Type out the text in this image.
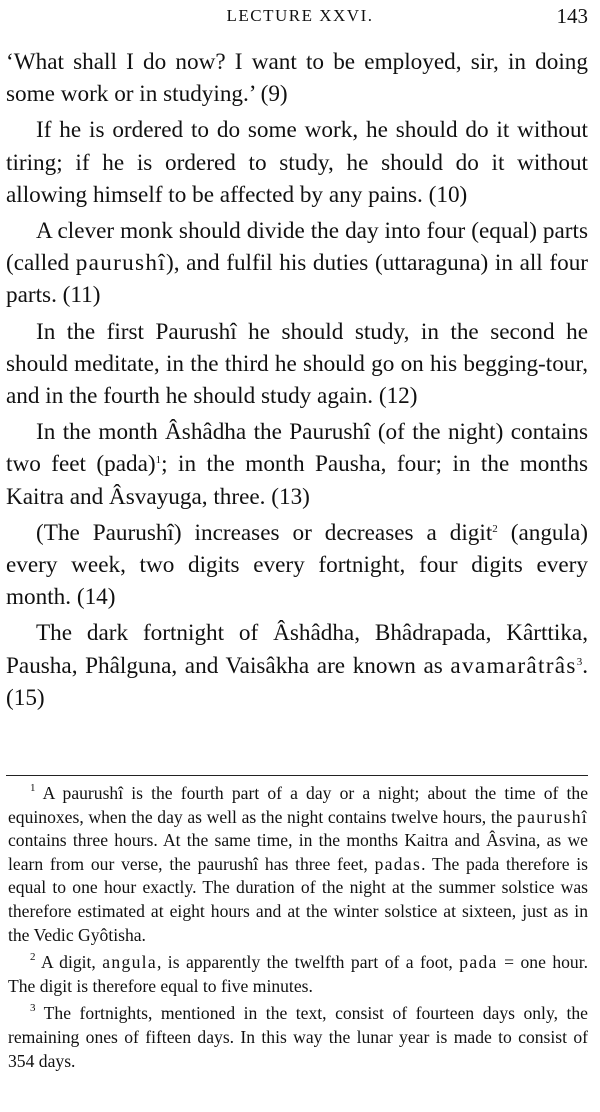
LECTURE XXVI.	143

‘What shall I do now? I want to be employed, sir, in doing some work or in studying.’ (9)

If he is ordered to do some work, he should do it without tiring; if he is ordered to study, he should do it without allowing himself to be affected by any pains. (10)

A clever monk should divide the day into four (equal) parts (called paurushî), and fulfil his duties (uttaraguna) in all four parts. (11)

In the first Paurushî he should study, in the second he should meditate, in the third he should go on his begging-tour, and in the fourth he should study again. (12)

In the month Âshâdha the Paurushî (of the night) contains two feet (pada)$^1$; in the month Pausha, four; in the months Kaitra and Âsvayuga, three. (13)

(The Paurushî) increases or decreases a digit$^2$ (angula) every week, two digits every fortnight, four digits every month. (14)

The dark fortnight of Âshâdha, Bhâdrapada, Kârttika, Pausha, Phâlguna, and Vaisâkha are known as avamarâtrâs$^3$. (15)

$^1$ A paurushî is the fourth part of a day or a night; about the time of the equinoxes, when the day as well as the night contains twelve hours, the paurushî contains three hours. At the same time, in the months Kaitra and Âsvina, as we learn from our verse, the paurushî has three feet, padas. The pada therefore is equal to one hour exactly. The duration of the night at the summer solstice was therefore estimated at eight hours and at the winter solstice at sixteen, just as in the Vedic Gyôtisha.

$^2$ A digit, angula, is apparently the twelfth part of a foot, pada = one hour. The digit is therefore equal to five minutes.

$^3$ The fortnights, mentioned in the text, consist of fourteen days only, the remaining ones of fifteen days. In this way the lunar year is made to consist of 354 days.
